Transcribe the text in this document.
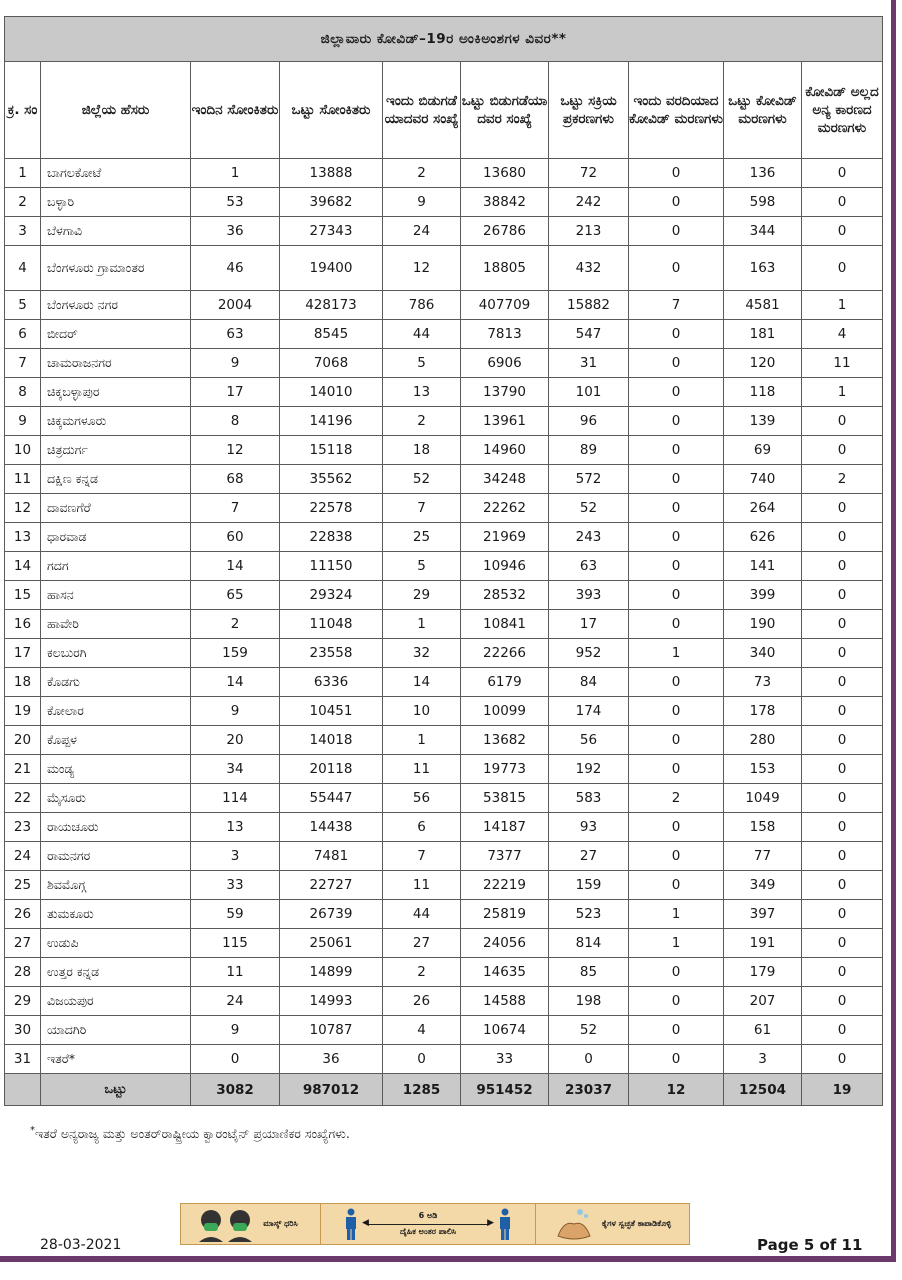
ಜಿಲ್ಲಾವಾರು ಕೋವಿಡ್–19ರ ಅಂಕಿಅಂಶಗಳ ವಿವರ**									
ಕ್ರ. ಸಂ	ಜಿಲ್ಲೆಯ ಹೆಸರು	ಇಂದಿನ ಸೋಂಕಿತರು	ಒಟ್ಟು ಸೋಂಕಿತರು	ಇಂದು ಬಿಡುಗಡೆ ಯಾದವರ ಸಂಖ್ಯೆ	ಒಟ್ಟು ಬಿಡುಗಡೆಯಾ ದವರ ಸಂಖ್ಯೆ	ಒಟ್ಟು ಸಕ್ರಿಯ ಪ್ರಕರಣಗಳು	ಇಂದು ವರದಿಯಾದ ಕೋವಿಡ್ ಮರಣಗಳು	ಒಟ್ಟು ಕೋವಿಡ್ ಮರಣಗಳು	ಕೋವಿಡ್ ಅಲ್ಲದ ಅನ್ಯ ಕಾರಣದ ಮರಣಗಳು
1	ಬಾಗಲಕೋಟೆ	1	13888	2	13680	72	0	136	0
2	ಬಳ್ಳಾರಿ	53	39682	9	38842	242	0	598	0
3	ಬೆಳಗಾವಿ	36	27343	24	26786	213	0	344	0
4	ಬೆಂಗಳೂರು ಗ್ರಾಮಾಂತರ	46	19400	12	18805	432	0	163	0
5	ಬೆಂಗಳೂರು ನಗರ	2004	428173	786	407709	15882	7	4581	1
6	ಬೀದರ್	63	8545	44	7813	547	0	181	4
7	ಚಾಮರಾಜನಗರ	9	7068	5	6906	31	0	120	11
8	ಚಿಕ್ಕಬಳ್ಳಾಪುರ	17	14010	13	13790	101	0	118	1
9	ಚಿಕ್ಕಮಗಳೂರು	8	14196	2	13961	96	0	139	0
10	ಚಿತ್ರದುರ್ಗ	12	15118	18	14960	89	0	69	0
11	ದಕ್ಷಿಣ ಕನ್ನಡ	68	35562	52	34248	572	0	740	2
12	ದಾವಣಗೆರೆ	7	22578	7	22262	52	0	264	0
13	ಧಾರವಾಡ	60	22838	25	21969	243	0	626	0
14	ಗದಗ	14	11150	5	10946	63	0	141	0
15	ಹಾಸನ	65	29324	29	28532	393	0	399	0
16	ಹಾವೇರಿ	2	11048	1	10841	17	0	190	0
17	ಕಲಬುರಗಿ	159	23558	32	22266	952	1	340	0
18	ಕೊಡಗು	14	6336	14	6179	84	0	73	0
19	ಕೋಲಾರ	9	10451	10	10099	174	0	178	0
20	ಕೊಪ್ಪಳ	20	14018	1	13682	56	0	280	0
21	ಮಂಡ್ಯ	34	20118	11	19773	192	0	153	0
22	ಮೈಸೂರು	114	55447	56	53815	583	2	1049	0
23	ರಾಯಚೂರು	13	14438	6	14187	93	0	158	0
24	ರಾಮನಗರ	3	7481	7	7377	27	0	77	0
25	ಶಿವಮೊಗ್ಗ	33	22727	11	22219	159	0	349	0
26	ತುಮಕೂರು	59	26739	44	25819	523	1	397	0
27	ಉಡುಪಿ	115	25061	27	24056	814	1	191	0
28	ಉತ್ತರ ಕನ್ನಡ	11	14899	2	14635	85	0	179	0
29	ವಿಜಯಪುರ	24	14993	26	14588	198	0	207	0
30	ಯಾದಗಿರಿ	9	10787	4	10674	52	0	61	0
31	ಇತರೆ*	0	36	0	33	0	0	3	0
	ಒಟ್ಟು	3082	987012	1285	951452	23037	12	12504	19
*ಇತರೆ ಅನ್ಯರಾಜ್ಯ ಮತ್ತು ಅಂತರ್‌ರಾಷ್ಟ್ರೀಯ ಕ್ವಾರಂಟೈನ್ ಪ್ರಯಾಣಿಕರ ಸಂಖ್ಯೆಗಳು.
ಮಾಸ್ಕ್ ಧರಿಸಿ
6 ಅಡಿ
◀ ▶
ದೈಹಿಕ ಅಂತರ ಪಾಲಿಸಿ
ಕೈಗಳ ಸ್ವಚ್ಛತೆ ಕಾಪಾಡಿಕೊಳ್ಳಿ
28-03-2021	Page 5 of 11
